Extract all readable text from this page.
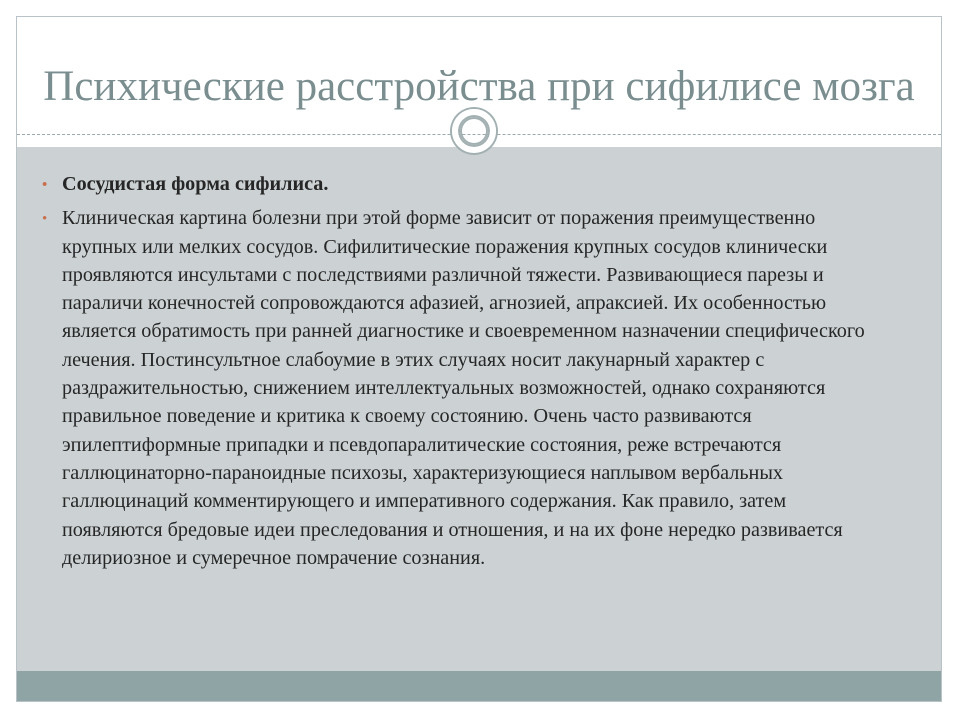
Психические расстройства при сифилисе мозга
• Сосудистая форма сифилиса.
• Клиническая картина болезни при этой форме зависит от поражения преимущественно крупных или мелких сосудов. Сифилитические поражения крупных сосудов клинически проявляются инсультами с последствиями различной тяжести. Развивающиеся парезы и параличи конечностей сопровождаются афазией, агнозией, апраксией. Их особенностью является обратимость при ранней диагностике и своевременном назначении специфического лечения. Постинсультное слабоумие в этих случаях носит лакунарный характер с раздражительностью, снижением интеллектуальных возможностей, однако сохраняются правильное поведение и критика к своему состоянию. Очень часто развиваются эпилептиформные припадки и псевдопаралитические состояния, реже встречаются галлюцинаторно-параноидные психозы, характеризующиеся наплывом вербальных галлюцинаций комментирующего и императивного содержания. Как правило, затем появляются бредовые идеи преследования и отношения, и на их фоне нередко развивается делириозное и сумеречное помрачение сознания.
